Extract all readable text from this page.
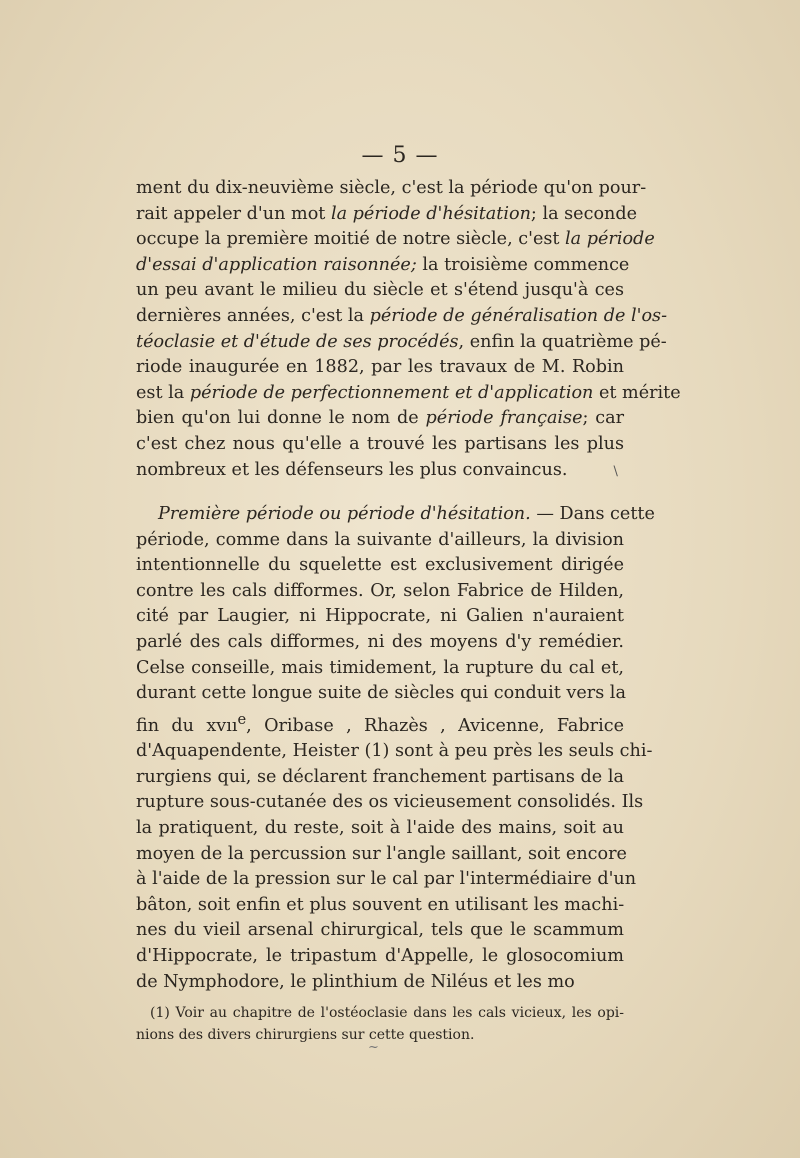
— 5 —
ment du dix-neuvième siècle, c'est la période qu'on pour-
rait appeler d'un mot la période d'hésitation; la seconde
occupe la première moitié de notre siècle, c'est la période
d'essai d'application raisonnée; la troisième commence
un peu avant le milieu du siècle et s'étend jusqu'à ces
dernières années, c'est la période de généralisation de l'os-
téoclasie et d'étude de ses procédés, enfin la quatrième pé-
riode inaugurée en 1882, par les travaux de M. Robin
est la période de perfectionnement et d'application et mérite
bien qu'on lui donne le nom de période française; car
c'est chez nous qu'elle a trouvé les partisans les plus
nombreux et les défenseurs les plus convaincus.	\
Première période ou période d'hésitation. — Dans cette
période, comme dans la suivante d'ailleurs, la division
intentionnelle du squelette est exclusivement dirigée
contre les cals difformes. Or, selon Fabrice de Hilden,
cité par Laugier, ni Hippocrate, ni Galien n'auraient
parlé des cals difformes, ni des moyens d'y remédier.
Celse conseille, mais timidement, la rupture du cal et,
durant cette longue suite de siècles qui conduit vers la
fin du xvıı$^e$, Oribase , Rhazès , Avicenne, Fabrice
d'Aquapendente, Heister (1) sont à peu près les seuls chi-
rurgiens qui, se déclarent franchement partisans de la
rupture sous-cutanée des os vicieusement consolidés. Ils
la pratiquent, du reste, soit à l'aide des mains, soit au
moyen de la percussion sur l'angle saillant, soit encore
à l'aide de la pression sur le cal par l'intermédiaire d'un
bâton, soit enfin et plus souvent en utilisant les machi-
nes du vieil arsenal chirurgical, tels que le scammum
d'Hippocrate, le tripastum d'Appelle, le glosocomium
de Nymphodore, le plinthium de Niléus et les mo
(1) Voir au chapitre de l'ostéoclasie dans les cals vicieux, les opi-
nions des divers chirurgiens sur cette question.
~
